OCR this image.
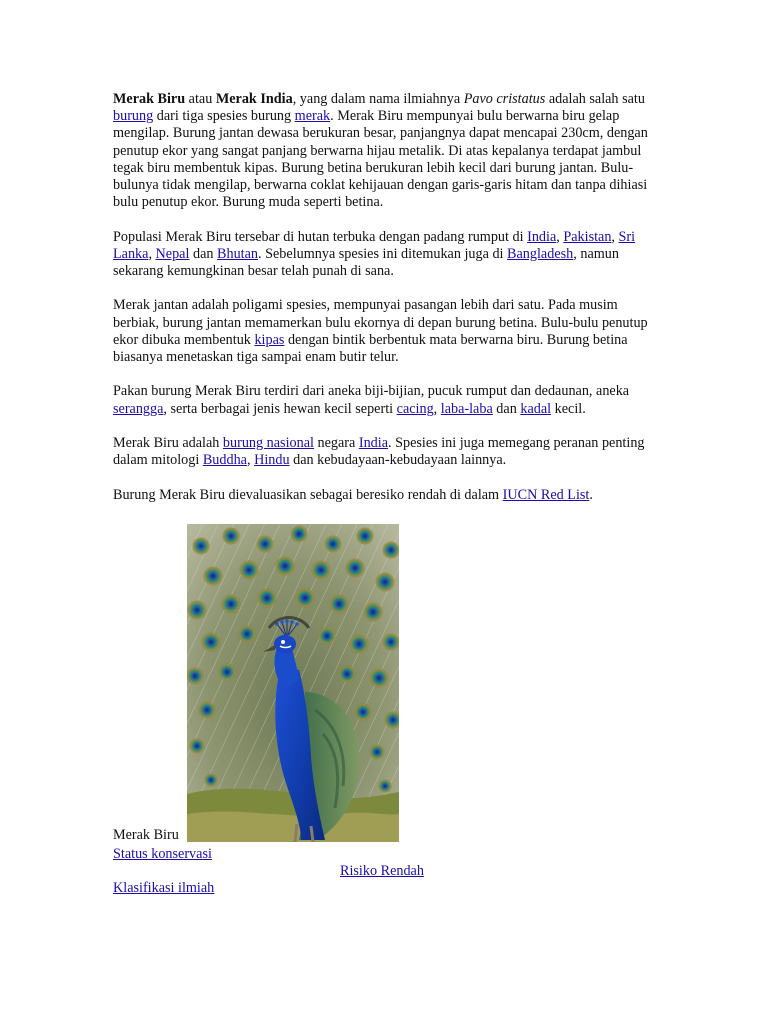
Merak Biru atau Merak India, yang dalam nama ilmiahnya Pavo cristatus adalah salah satu burung dari tiga spesies burung merak. Merak Biru mempunyai bulu berwarna biru gelap mengilap. Burung jantan dewasa berukuran besar, panjangnya dapat mencapai 230cm, dengan penutup ekor yang sangat panjang berwarna hijau metalik. Di atas kepalanya terdapat jambul tegak biru membentuk kipas. Burung betina berukuran lebih kecil dari burung jantan. Bulu-bulunya tidak mengilap, berwarna coklat kehijauan dengan garis-garis hitam dan tanpa dihiasi bulu penutup ekor. Burung muda seperti betina.

Populasi Merak Biru tersebar di hutan terbuka dengan padang rumput di India, Pakistan, Sri Lanka, Nepal dan Bhutan. Sebelumnya spesies ini ditemukan juga di Bangladesh, namun sekarang kemungkinan besar telah punah di sana.

Merak jantan adalah poligami spesies, mempunyai pasangan lebih dari satu. Pada musim berbiak, burung jantan memamerkan bulu ekornya di depan burung betina. Bulu-bulu penutup ekor dibuka membentuk kipas dengan bintik berbentuk mata berwarna biru. Burung betina biasanya menetaskan tiga sampai enam butir telur.

Pakan burung Merak Biru terdiri dari aneka biji-bijian, pucuk rumput dan dedaunan, aneka serangga, serta berbagai jenis hewan kecil seperti cacing, laba-laba dan kadal kecil.

Merak Biru adalah burung nasional negara India. Spesies ini juga memegang peranan penting dalam mitologi Buddha, Hindu dan kebudayaan-kebudayaan lainnya.

Burung Merak Biru dievaluasikan sebagai beresiko rendah di dalam IUCN Red List.

Merak Biru
Status konservasi
Risiko Rendah
Klasifikasi ilmiah
